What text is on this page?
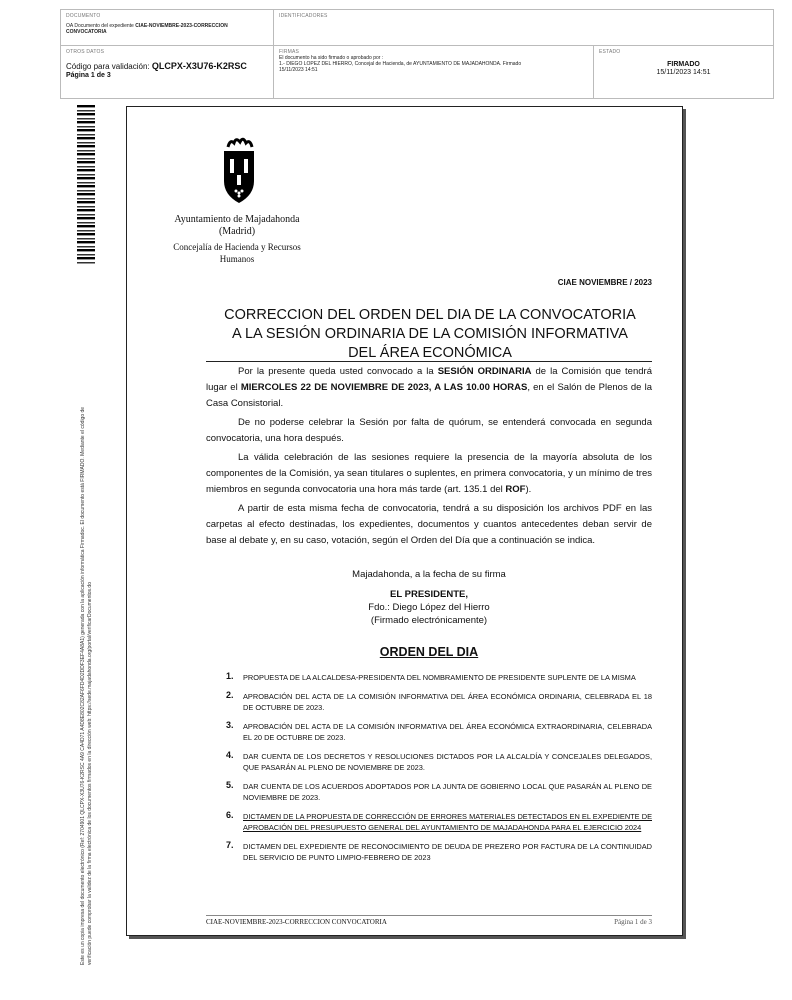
DOCUMENTO
OA Documento del expediente CIAE-NOVIEMBRE-2023-CORRECCION CONVOCATORIA
IDENTIFICADORES
OTROS DATOS
Código para validación: QLCPX-X3U76-K2RSC
Página 1 de 3
FIRMAS
El documento ha sido firmado o aprobado por :
1.- DIEGO LOPEZ DEL HIERRO, Concejal de Hacienda, de AYUNTAMIENTO DE MAJADAHONDA. Firmado
15/11/2023 14:51
ESTADO
FIRMADO
15/11/2023 14:51
Este es un copia impresa del documento electrónico (Ref: 2704901 QLCPX-X3U76-K2RSC 4A9 CA4D71 A4D8E802C82AF6FD4D2DDF3EF4A8A1) generada con la aplicación informática Firmadoc. El documento está FIRMADO. Mediante el código de verificación puede comprobar la validez de la firma electrónica de los documentos firmados en la dirección web: https://sede.majadahonda.org/portal/verificarDocumentos.do
Ayuntamiento de Majadahonda
(Madrid)
Concejalía de Hacienda y Recursos
Humanos
CIAE NOVIEMBRE / 2023
CORRECCION DEL ORDEN DEL DIA DE LA CONVOCATORIA
A LA SESIÓN ORDINARIA DE LA COMISIÓN INFORMATIVA
DEL ÁREA ECONÓMICA

Por la presente queda usted convocado a la SESIÓN ORDINARIA de la Comisión que tendrá lugar el MIERCOLES 22 DE NOVIEMBRE DE 2023, A LAS 10.00 HORAS, en el Salón de Plenos de la Casa Consistorial.

De no poderse celebrar la Sesión por falta de quórum, se entenderá convocada en segunda convocatoria, una hora después.

La válida celebración de las sesiones requiere la presencia de la mayoría absoluta de los componentes de la Comisión, ya sean titulares o suplentes, en primera convocatoria, y un mínimo de tres miembros en segunda convocatoria una hora más tarde (art. 135.1 del ROF).

A partir de esta misma fecha de convocatoria, tendrá a su disposición los archivos PDF en las carpetas al efecto destinadas, los expedientes, documentos y cuantos antecedentes deban servir de base al debate y, en su caso, votación, según el Orden del Día que a continuación se indica.

Majadahonda, a la fecha de su firma
EL PRESIDENTE,
Fdo.: Diego López del Hierro
(Firmado electrónicamente)
ORDEN DEL DIA
1. PROPUESTA DE LA ALCALDESA-PRESIDENTA DEL NOMBRAMIENTO DE PRESIDENTE SUPLENTE DE LA MISMA
2. APROBACIÓN DEL ACTA DE LA COMISIÓN INFORMATIVA DEL ÁREA ECONÓMICA ORDINARIA, CELEBRADA EL 18 DE OCTUBRE DE 2023.
3. APROBACIÓN DEL ACTA DE LA COMISIÓN INFORMATIVA DEL ÁREA ECONÓMICA EXTRAORDINARIA, CELEBRADA EL 20 DE OCTUBRE DE 2023.
4. DAR CUENTA DE LOS DECRETOS Y RESOLUCIONES DICTADOS POR LA ALCALDÍA Y CONCEJALES DELEGADOS, QUE PASARÁN AL PLENO DE NOVIEMBRE DE 2023.
5. DAR CUENTA DE LOS ACUERDOS ADOPTADOS POR LA JUNTA DE GOBIERNO LOCAL QUE PASARÁN AL PLENO DE NOVIEMBRE DE 2023.
6. DICTAMEN DE LA PROPUESTA DE CORRECCIÓN DE ERRORES MATERIALES DETECTADOS EN EL EXPEDIENTE DE APROBACIÓN DEL PRESUPUESTO GENERAL DEL AYUNTAMIENTO DE MAJADAHONDA PARA EL EJERCICIO 2024
7. DICTAMEN DEL EXPEDIENTE DE RECONOCIMIENTO DE DEUDA DE PREZERO POR FACTURA DE LA CONTINUIDAD DEL SERVICIO DE PUNTO LIMPIO-FEBRERO DE 2023
CIAE-NOVIEMBRE-2023-CORRECCION CONVOCATORIA	Página 1 de 3
